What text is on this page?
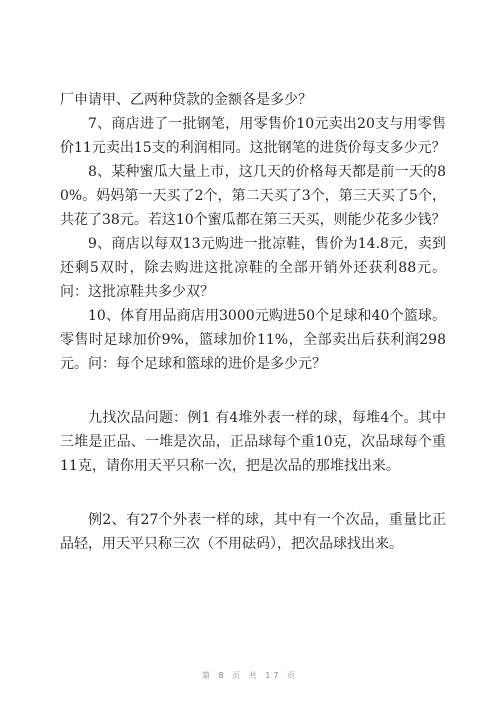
厂申请甲、乙两种贷款的金额各是多少？

7、商店进了一批钢笔，用零售价10元卖出20支与用零售价11元卖出15支的利润相同。这批钢笔的进货价每支多少元？

8、某种蜜瓜大量上市，这几天的价格每天都是前一天的80%。妈妈第一天买了2个，第二天买了3个，第三天买了5个，共花了38元。若这10个蜜瓜都在第三天买，则能少花多少钱？

9、商店以每双13元购进一批凉鞋，售价为14.8元，卖到还剩5双时，除去购进这批凉鞋的全部开销外还获利88元。问：这批凉鞋共多少双？

10、体育用品商店用3000元购进50个足球和40个篮球。零售时足球加价9%，篮球加价11%，全部卖出后获利润298元。问：每个足球和篮球的进价是多少元？

九找次品问题：例1 有4堆外表一样的球，每堆4个。其中三堆是正品、一堆是次品，正品球每个重10克，次品球每个重11克，请你用天平只称一次，把是次品的那堆找出来。

例2、有27个外表一样的球，其中有一个次品，重量比正品轻，用天平只称三次（不用砝码），把次品球找出来。

第 8 页 共 17 页
